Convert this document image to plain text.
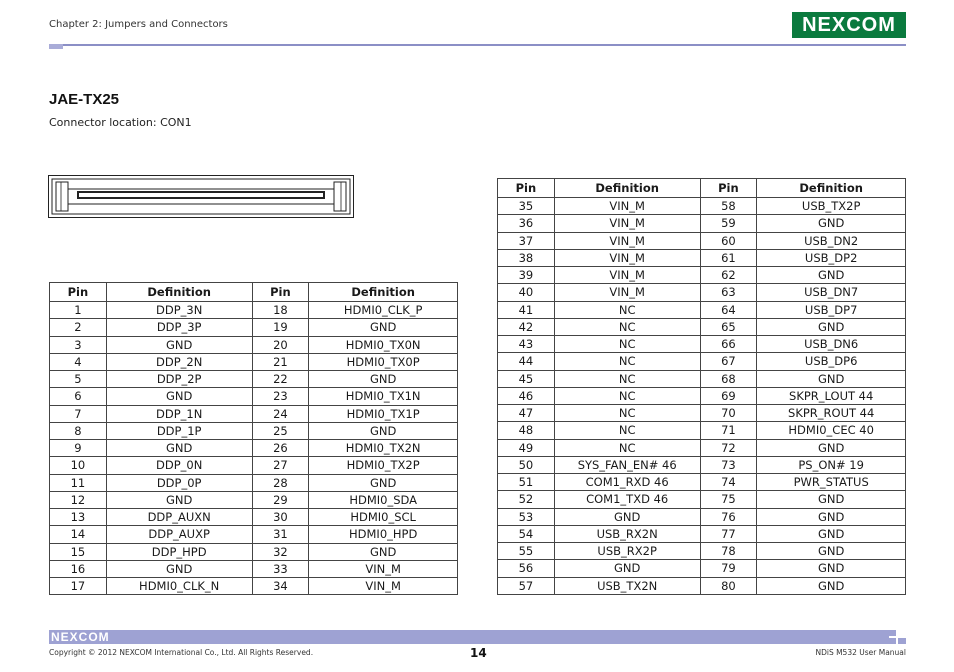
Chapter 2: Jumpers and Connectors	NEXCOM
JAE-TX25
Connector location: CON1
Pin	Definition	Pin	Definition
1	DDP_3N	18	HDMI0_CLK_P
2	DDP_3P	19	GND
3	GND	20	HDMI0_TX0N
4	DDP_2N	21	HDMI0_TX0P
5	DDP_2P	22	GND
6	GND	23	HDMI0_TX1N
7	DDP_1N	24	HDMI0_TX1P
8	DDP_1P	25	GND
9	GND	26	HDMI0_TX2N
10	DDP_0N	27	HDMI0_TX2P
11	DDP_0P	28	GND
12	GND	29	HDMI0_SDA
13	DDP_AUXN	30	HDMI0_SCL
14	DDP_AUXP	31	HDMI0_HPD
15	DDP_HPD	32	GND
16	GND	33	VIN_M
17	HDMI0_CLK_N	34	VIN_M
Pin	Definition	Pin	Definition
35	VIN_M	58	USB_TX2P
36	VIN_M	59	GND
37	VIN_M	60	USB_DN2
38	VIN_M	61	USB_DP2
39	VIN_M	62	GND
40	VIN_M	63	USB_DN7
41	NC	64	USB_DP7
42	NC	65	GND
43	NC	66	USB_DN6
44	NC	67	USB_DP6
45	NC	68	GND
46	NC	69	SKPR_LOUT 44
47	NC	70	SKPR_ROUT 44
48	NC	71	HDMI0_CEC 40
49	NC	72	GND
50	SYS_FAN_EN# 46	73	PS_ON# 19
51	COM1_RXD 46	74	PWR_STATUS
52	COM1_TXD 46	75	GND
53	GND	76	GND
54	USB_RX2N	77	GND
55	USB_RX2P	78	GND
56	GND	79	GND
57	USB_TX2N	80	GND
NEXCOM
Copyright © 2012 NEXCOM International Co., Ltd. All Rights Reserved.	14	NDiS M532 User Manual
